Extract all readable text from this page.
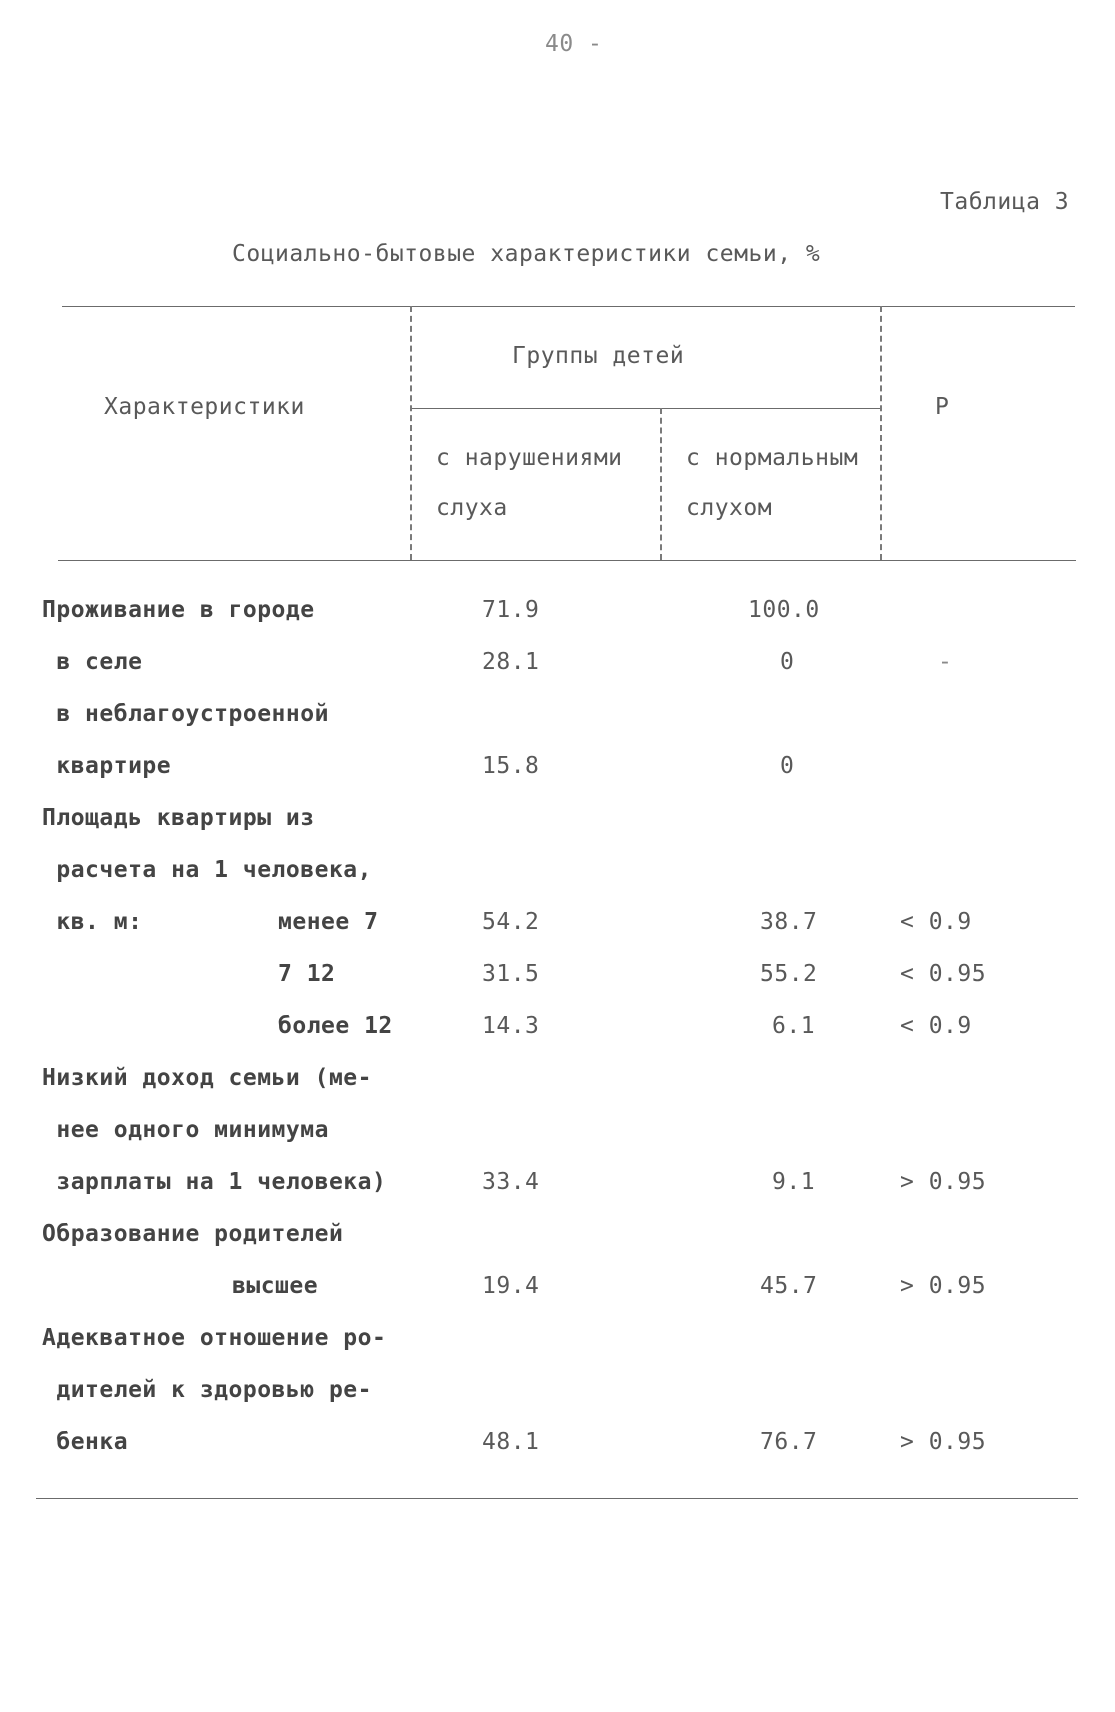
40 -
Таблица 3
Социально-бытовые характеристики семьи, %
Характеристики
Группы детей
с нарушениями
слуха
с нормальным
слухом
P
Проживание в городе	71.9	100.0
в селе	28.1	0	-
в неблагоустроенной
квартире	15.8	0
Площадь квартиры из
расчета на 1 человека,
кв. м:	менее 7	54.2	38.7	< 0.9
7 12	31.5	55.2	< 0.95
более 12	14.3	6.1	< 0.9
Низкий доход семьи (ме-
нее одного минимума
зарплаты на 1 человека)	33.4	9.1	> 0.95
Образование родителей
высшее	19.4	45.7	> 0.95
Адекватное отношение ро-
дителей к здоровью ре-
бенка	48.1	76.7	> 0.95
